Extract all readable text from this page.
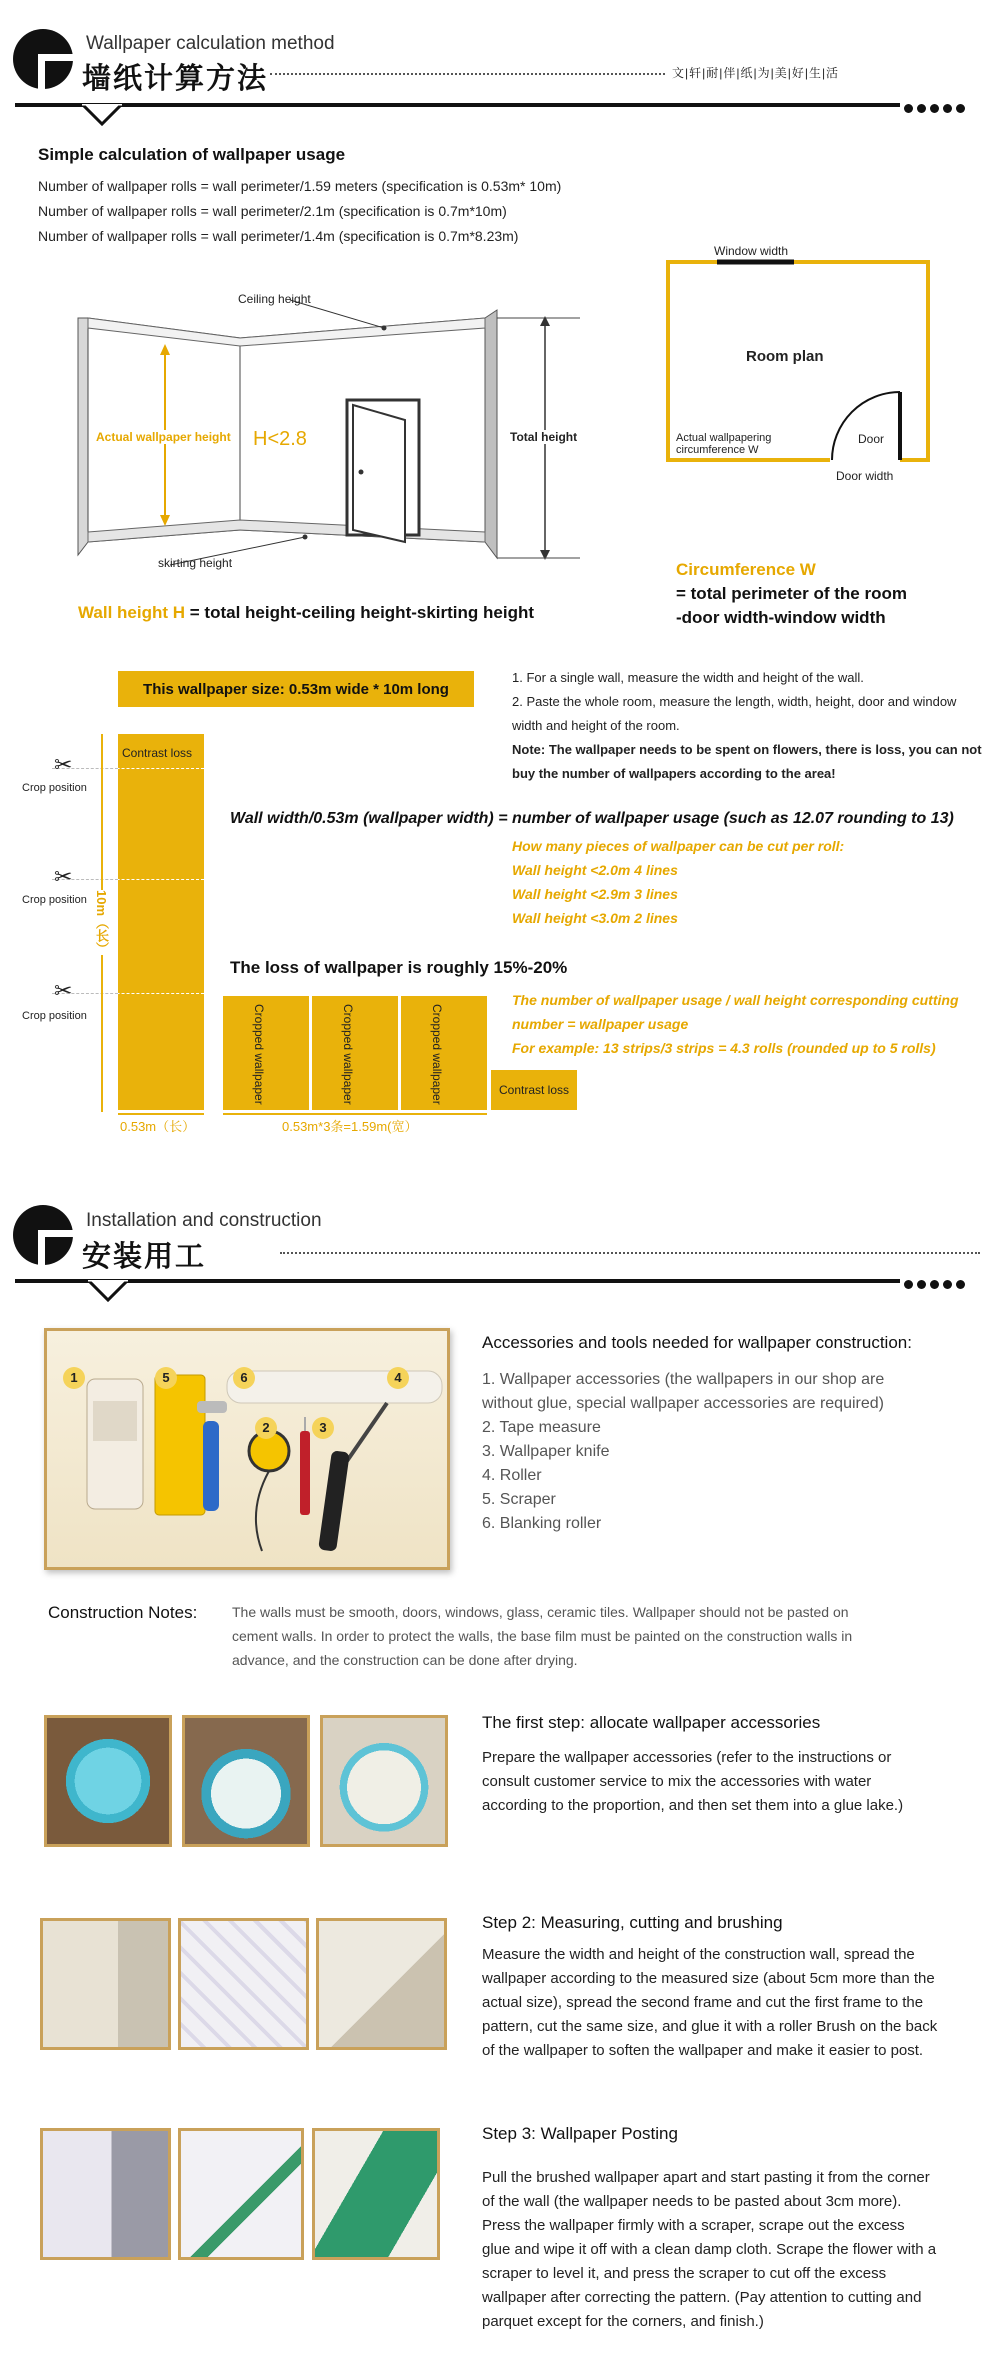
Wallpaper calculation method
墙纸计算方法	文|轩|耐|伴|纸|为|美|好|生|活
Simple calculation of wallpaper usage
Number of wallpaper rolls = wall perimeter/1.59 meters (specification is 0.53m* 10m)
Number of wallpaper rolls = wall perimeter/2.1m (specification is 0.7m*10m)
Number of wallpaper rolls = wall perimeter/1.4m (specification is 0.7m*8.23m)
Ceiling height
Actual wallpaper height H<2.8	Total height
skirting height
Wall height H = total height-ceiling height-skirting height
Window width
Room plan
Actual wallpapering
circumference W
Door
Door width
Circumference W
= total perimeter of the room
-door width-window width
This wallpaper size: 0.53m wide * 10m long
1. For a single wall, measure the width and height of the wall.
2. Paste the whole room, measure the length, width, height, door and window width and height of the room.
Note: The wallpaper needs to be spent on flowers, there is loss, you can not buy the number of wallpapers according to the area!
Contrast loss
10m（长）
✂
Crop position
✂
Crop position
✂
Crop position
0.53m（长）
Wall width/0.53m (wallpaper width) = number of wallpaper usage (such as 12.07 rounding to 13)
How many pieces of wallpaper can be cut per roll:
Wall height <2.0m 4 lines
Wall height <2.9m 3 lines
Wall height <3.0m 2 lines
The loss of wallpaper is roughly 15%-20%
Cropped wallpaper	Cropped wallpaper	Cropped wallpaper	Contrast loss
0.53m*3条=1.59m(宽）
The number of wallpaper usage / wall height corresponding cutting
number = wallpaper usage
For example: 13 strips/3 strips = 4.3 rolls (rounded up to 5 rolls)
Installation and construction
安装用工
1	5	6	4
2	3
Accessories and tools needed for wallpaper construction:
1. Wallpaper accessories (the wallpapers in our shop are
without glue, special wallpaper accessories are required)
2. Tape measure
3. Wallpaper knife
4. Roller
5. Scraper
6. Blanking roller
Construction Notes: The walls must be smooth, doors, windows, glass, ceramic tiles. Wallpaper should not be pasted on
cement walls. In order to protect the walls, the base film must be painted on the construction walls in
advance, and the construction can be done after drying.
The first step: allocate wallpaper accessories
Prepare the wallpaper accessories (refer to the instructions or
consult customer service to mix the accessories with water
according to the proportion, and then set them into a glue lake.)
Step 2: Measuring, cutting and brushing
Measure the width and height of the construction wall, spread the
wallpaper according to the measured size (about 5cm more than the
actual size), spread the second frame and cut the first frame to the
pattern, cut the same size, and glue it with a roller Brush on the back
of the wallpaper to soften the wallpaper and make it easier to post.
Step 3: Wallpaper Posting
Pull the brushed wallpaper apart and start pasting it from the corner
of the wall (the wallpaper needs to be pasted about 3cm more).
Press the wallpaper firmly with a scraper, scrape out the excess
glue and wipe it off with a clean damp cloth. Scrape the flower with a
scraper to level it, and press the scraper to cut off the excess
wallpaper after correcting the pattern. (Pay attention to cutting and
parquet except for the corners, and finish.)
